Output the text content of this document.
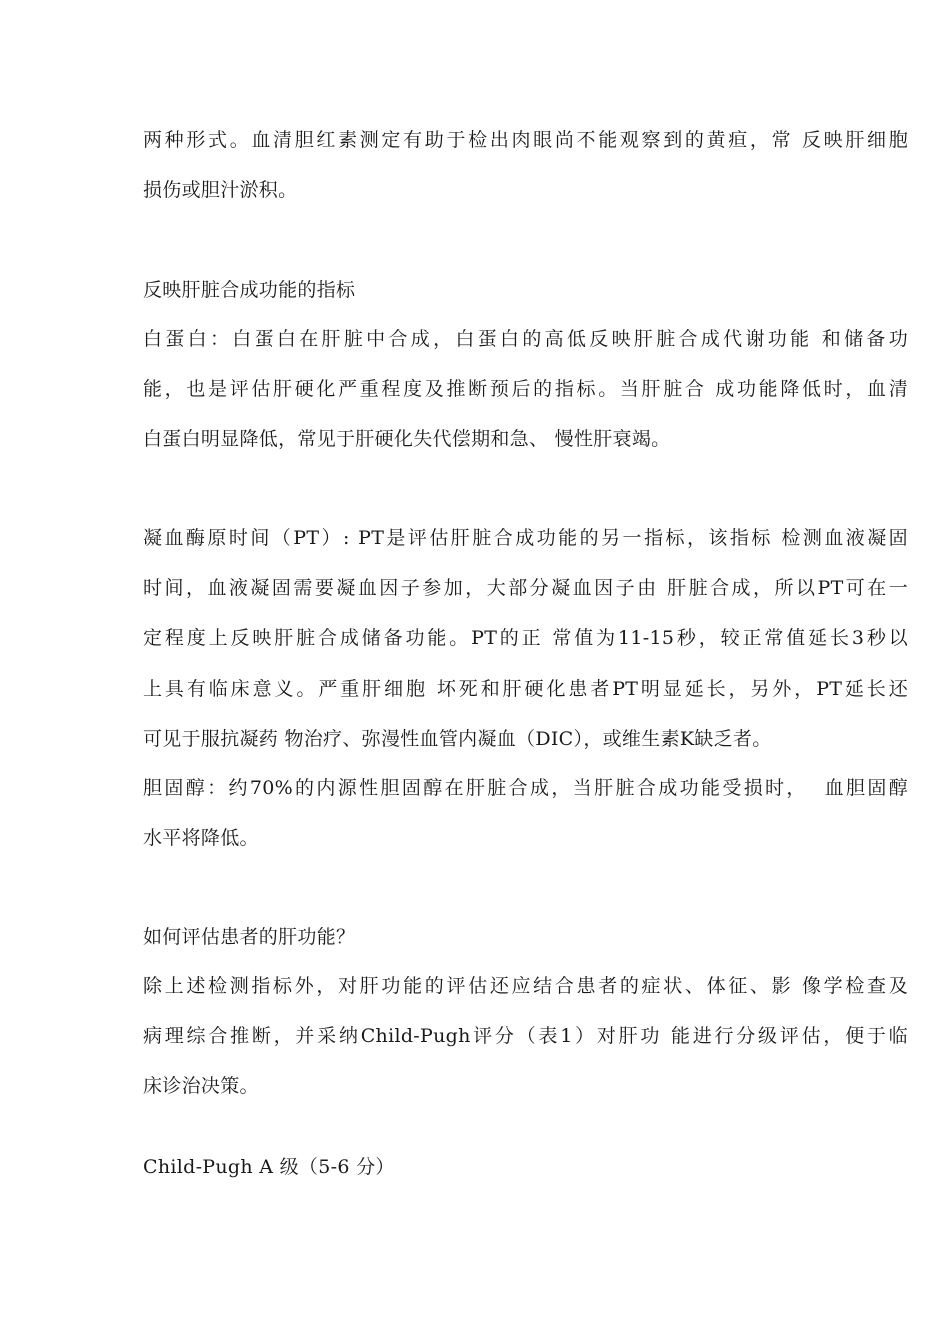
两种形式。血清胆红素测定有助于检出肉眼尚不能观察到的黄疸，常 反映肝细胞
损伤或胆汁淤积。
反映肝脏合成功能的指标
白蛋白：白蛋白在肝脏中合成，白蛋白的高低反映肝脏合成代谢功能 和储备功
能，也是评估肝硬化严重程度及推断预后的指标。当肝脏合 成功能降低时，血清
白蛋白明显降低，常见于肝硬化失代偿期和急、 慢性肝衰竭。
凝血酶原时间（PT）: PT是评估肝脏合成功能的另一指标，该指标 检测血液凝固
时间，血液凝固需要凝血因子参加，大部分凝血因子由 肝脏合成，所以PT可在一
定程度上反映肝脏合成储备功能。PT的正 常值为11-15秒，较正常值延长3秒以
上具有临床意义。严重肝细胞 坏死和肝硬化患者PT明显延长，另外，PT延长还
可见于服抗凝药 物治疗、弥漫性血管内凝血（DIC），或维生素K缺乏者。
胆固醇：约70%的内源性胆固醇在肝脏合成，当肝脏合成功能受损时，  血胆固醇
水平将降低。
如何评估患者的肝功能？
除上述检测指标外，对肝功能的评估还应结合患者的症状、体征、影 像学检查及
病理综合推断，并采纳Child-Pugh评分（表1）对肝功 能进行分级评估，便于临
床诊治决策。
Child-Pugh A 级（5-6 分）
